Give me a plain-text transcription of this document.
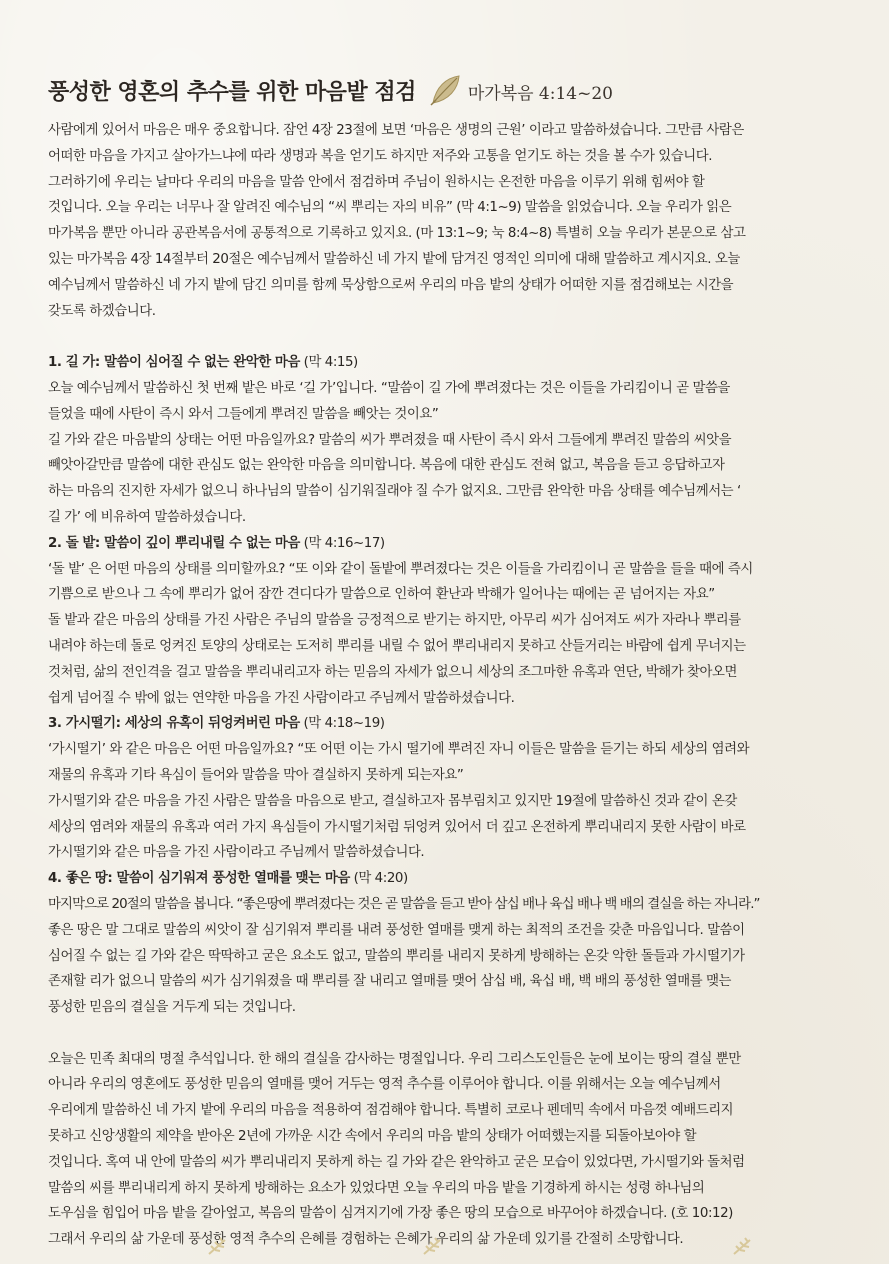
풍성한 영혼의 추수를 위한 마음밭 점검	마가복음 4:14~20

사람에게 있어서 마음은 매우 중요합니다. 잠언 4장 23절에 보면 ‘마음은 생명의 근원’ 이라고 말씀하셨습니다. 그만큼 사람은

어떠한 마음을 가지고 살아가느냐에 따라 생명과 복을 얻기도 하지만 저주와 고통을 얻기도 하는 것을 볼 수가 있습니다.

그러하기에 우리는 날마다 우리의 마음을 말씀 안에서 점검하며 주님이 원하시는 온전한 마음을 이루기 위해 힘써야 할

것입니다. 오늘 우리는 너무나 잘 알려진 예수님의 “씨 뿌리는 자의 비유” (막 4:1~9) 말씀을 읽었습니다. 오늘 우리가 읽은

마가복음 뿐만 아니라 공관복음서에 공통적으로 기록하고 있지요. (마 13:1~9; 눅 8:4~8) 특별히 오늘 우리가 본문으로 삼고

있는 마가복음 4장 14절부터 20절은 예수님께서 말씀하신 네 가지 밭에 담겨진 영적인 의미에 대해 말씀하고 계시지요. 오늘

예수님께서 말씀하신 네 가지 밭에 담긴 의미를 함께 묵상함으로써 우리의 마음 밭의 상태가 어떠한 지를 점검해보는 시간을

갖도록 하겠습니다.

1. 길 가: 말씀이 심어질 수 없는 완악한 마음 (막 4:15)

오늘 예수님께서 말씀하신 첫 번째 밭은 바로 ‘길 가’입니다. “말씀이 길 가에 뿌려졌다는 것은 이들을 가리킴이니 곧 말씀을

들었을 때에 사탄이 즉시 와서 그들에게 뿌려진 말씀을 빼앗는 것이요”

길 가와 같은 마음밭의 상태는 어떤 마음일까요? 말씀의 씨가 뿌려졌을 때 사탄이 즉시 와서 그들에게 뿌려진 말씀의 씨앗을

빼앗아갈만큼 말씀에 대한 관심도 없는 완악한 마음을 의미합니다. 복음에 대한 관심도 전혀 없고, 복음을 듣고 응답하고자

하는 마음의 진지한 자세가 없으니 하나님의 말씀이 심기워질래야 질 수가 없지요. 그만큼 완악한 마음 상태를 예수님께서는 ‘

길 가’ 에 비유하여 말씀하셨습니다.

2. 돌 밭: 말씀이 깊이 뿌리내릴 수 없는 마음 (막 4:16~17)

‘돌 밭’ 은 어떤 마음의 상태를 의미할까요? “또 이와 같이 돌밭에 뿌려졌다는 것은 이들을 가리킴이니 곧 말씀을 들을 때에 즉시

기쁨으로 받으나 그 속에 뿌리가 없어 잠깐 견디다가 말씀으로 인하여 환난과 박해가 일어나는 때에는 곧 넘어지는 자요”

돌 밭과 같은 마음의 상태를 가진 사람은 주님의 말씀을 긍정적으로 받기는 하지만, 아무리 씨가 심어져도 씨가 자라나 뿌리를

내려야 하는데 돌로 엉켜진 토양의 상태로는 도저히 뿌리를 내릴 수 없어 뿌리내리지 못하고 산들거리는 바람에 쉽게 무너지는

것처럼, 삶의 전인격을 걸고 말씀을 뿌리내리고자 하는 믿음의 자세가 없으니 세상의 조그마한 유혹과 연단, 박해가 찾아오면

쉽게 넘어질 수 밖에 없는 연약한 마음을 가진 사람이라고 주님께서 말씀하셨습니다.

3. 가시떨기: 세상의 유혹이 뒤엉켜버린 마음 (막 4:18~19)

‘가시떨기’ 와 같은 마음은 어떤 마음일까요? “또 어떤 이는 가시 떨기에 뿌려진 자니 이들은 말씀을 듣기는 하되 세상의 염려와

재물의 유혹과 기타 욕심이 들어와 말씀을 막아 결실하지 못하게 되는자요”

가시떨기와 같은 마음을 가진 사람은 말씀을 마음으로 받고, 결실하고자 몸부림치고 있지만 19절에 말씀하신 것과 같이 온갖

세상의 염려와 재물의 유혹과 여러 가지 욕심들이 가시떨기처럼 뒤엉켜 있어서 더 깊고 온전하게 뿌리내리지 못한 사람이 바로

가시떨기와 같은 마음을 가진 사람이라고 주님께서 말씀하셨습니다.

4. 좋은 땅: 말씀이 심기워져 풍성한 열매를 맺는 마음 (막 4:20)

마지막으로 20절의 말씀을 봅니다. “좋은땅에 뿌려졌다는 것은 곧 말씀을 듣고 받아 삼십 배나 육십 배나 백 배의 결실을 하는 자니라.”

좋은 땅은 말 그대로 말씀의 씨앗이 잘 심기워져 뿌리를 내려 풍성한 열매를 맺게 하는 최적의 조건을 갖춘 마음입니다. 말씀이

심어질 수 없는 길 가와 같은 딱딱하고 굳은 요소도 없고, 말씀의 뿌리를 내리지 못하게 방해하는 온갖 악한 돌들과 가시떨기가

존재할 리가 없으니 말씀의 씨가 심기워졌을 때 뿌리를 잘 내리고 열매를 맺어 삼십 배, 육십 배, 백 배의 풍성한 열매를 맺는

풍성한 믿음의 결실을 거두게 되는 것입니다.

오늘은 민족 최대의 명절 추석입니다. 한 해의 결실을 감사하는 명절입니다. 우리 그리스도인들은 눈에 보이는 땅의 결실 뿐만

아니라 우리의 영혼에도 풍성한 믿음의 열매를 맺어 거두는 영적 추수를 이루어야 합니다. 이를 위해서는 오늘 예수님께서

우리에게 말씀하신 네 가지 밭에 우리의 마음을 적용하여 점검해야 합니다. 특별히 코로나 펜데믹 속에서 마음껏 예배드리지

못하고 신앙생활의 제약을 받아온 2년에 가까운 시간 속에서 우리의 마음 밭의 상태가 어떠했는지를 되돌아보아야 할

것입니다. 혹여 내 안에 말씀의 씨가 뿌리내리지 못하게 하는 길 가와 같은 완악하고 굳은 모습이 있었다면, 가시떨기와 돌처럼

말씀의 씨를 뿌리내리게 하지 못하게 방해하는 요소가 있었다면 오늘 우리의 마음 밭을 기경하게 하시는 성령 하나님의

도우심을 힘입어 마음 밭을 갈아엎고, 복음의 말씀이 심겨지기에 가장 좋은 땅의 모습으로 바꾸어야 하겠습니다. (호 10:12)

그래서 우리의 삶 가운데 풍성한 영적 추수의 은혜를 경험하는 은혜가 우리의 삶 가운데 있기를 간절히 소망합니다.
